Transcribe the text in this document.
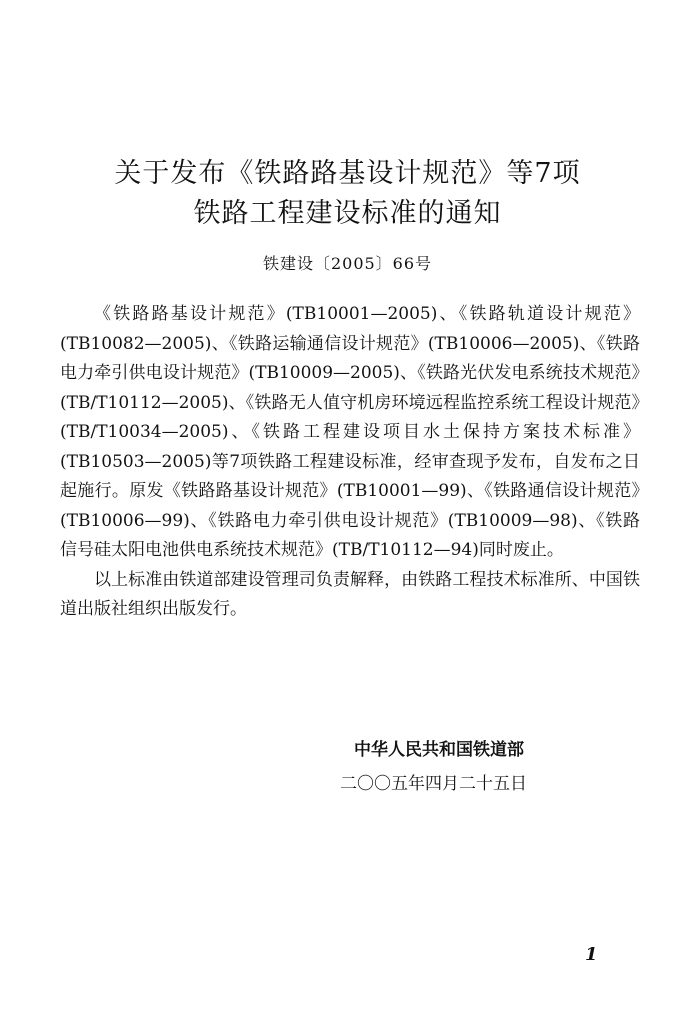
关于发布《铁路路基设计规范》等7项
铁路工程建设标准的通知
铁建设〔2005〕66号

《铁路路基设计规范》(TB10001—2005)、《铁路轨道设计规范》(TB10082—2005)、《铁路运输通信设计规范》(TB10006—2005)、《铁路电力牵引供电设计规范》(TB10009—2005)、《铁路光伏发电系统技术规范》(TB/T10112—2005)、《铁路无人值守机房环境远程监控系统工程设计规范》(TB/T10034—2005)、《铁路工程建设项目水土保持方案技术标准》(TB10503—2005)等7项铁路工程建设标准，经审查现予发布，自发布之日起施行。原发《铁路路基设计规范》(TB10001—99)、《铁路通信设计规范》(TB10006—99)、《铁路电力牵引供电设计规范》(TB10009—98)、《铁路信号硅太阳电池供电系统技术规范》(TB/T10112—94)同时废止。

以上标准由铁道部建设管理司负责解释，由铁路工程技术标准所、中国铁道出版社组织出版发行。

中华人民共和国铁道部
二〇〇五年四月二十五日
1
